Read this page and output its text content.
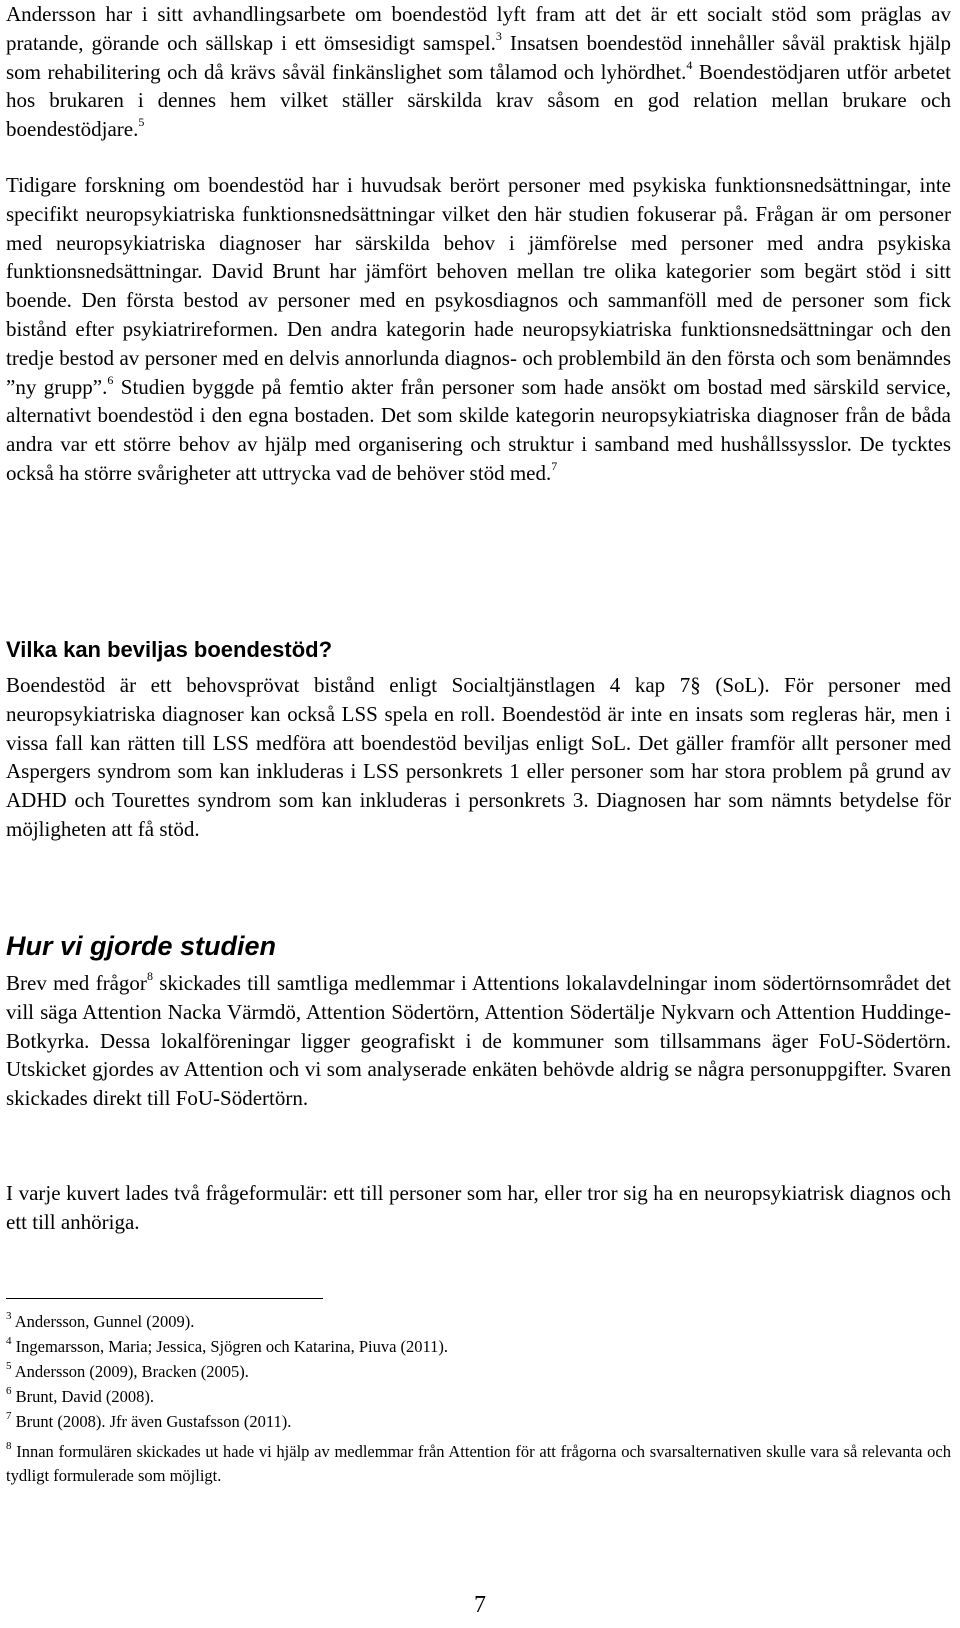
Andersson har i sitt avhandlingsarbete om boendestöd lyft fram att det är ett socialt stöd som präglas av pratande, görande och sällskap i ett ömsesidigt samspel.$^3$ Insatsen boendestöd innehåller såväl praktisk hjälp som rehabilitering och då krävs såväl finkänslighet som tålamod och lyhördhet.$^4$ Boendestödjaren utför arbetet hos brukaren i dennes hem vilket ställer särskilda krav såsom en god relation mellan brukare och boendestödjare.$^5$

Tidigare forskning om boendestöd har i huvudsak berört personer med psykiska funktionsnedsättningar, inte specifikt neuropsykiatriska funktionsnedsättningar vilket den här studien fokuserar på. Frågan är om personer med neuropsykiatriska diagnoser har särskilda behov i jämförelse med personer med andra psykiska funktionsnedsättningar. David Brunt har jämfört behoven mellan tre olika kategorier som begärt stöd i sitt boende. Den första bestod av personer med en psykosdiagnos och sammanföll med de personer som fick bistånd efter psykiatrireformen. Den andra kategorin hade neuropsykiatriska funktionsnedsättningar och den tredje bestod av personer med en delvis annorlunda diagnos- och problembild än den första och som benämndes ”ny grupp”.$^6$ Studien byggde på femtio akter från personer som hade ansökt om bostad med särskild service, alternativt boendestöd i den egna bostaden. Det som skilde kategorin neuropsykiatriska diagnoser från de båda andra var ett större behov av hjälp med organisering och struktur i samband med hushållssysslor. De tycktes också ha större svårigheter att uttrycka vad de behöver stöd med.$^7$

Vilka kan beviljas boendestöd?

Boendestöd är ett behovsprövat bistånd enligt Socialtjänstlagen 4 kap 7§ (SoL). För personer med neuropsykiatriska diagnoser kan också LSS spela en roll. Boendestöd är inte en insats som regleras här, men i vissa fall kan rätten till LSS medföra att boendestöd beviljas enligt SoL. Det gäller framför allt personer med Aspergers syndrom som kan inkluderas i LSS personkrets 1 eller personer som har stora problem på grund av ADHD och Tourettes syndrom som kan inkluderas i personkrets 3. Diagnosen har som nämnts betydelse för möjligheten att få stöd.

Hur vi gjorde studien

Brev med frågor$^8$ skickades till samtliga medlemmar i Attentions lokalavdelningar inom södertörnsområdet det vill säga Attention Nacka Värmdö, Attention Södertörn, Attention Södertälje Nykvarn och Attention Huddinge-Botkyrka. Dessa lokalföreningar ligger geografiskt i de kommuner som tillsammans äger FoU-Södertörn. Utskicket gjordes av Attention och vi som analyserade enkäten behövde aldrig se några personuppgifter. Svaren skickades direkt till FoU-Södertörn.

I varje kuvert lades två frågeformulär: ett till personer som har, eller tror sig ha en neuropsykiatrisk diagnos och ett till anhöriga.

$^3$ Andersson, Gunnel (2009).

$^4$ Ingemarsson, Maria; Jessica, Sjögren och Katarina, Piuva (2011).

$^5$ Andersson (2009), Bracken (2005).

$^6$ Brunt, David (2008).

$^7$ Brunt (2008). Jfr även Gustafsson (2011).

$^8$ Innan formulären skickades ut hade vi hjälp av medlemmar från Attention för att frågorna och svarsalternativen skulle vara så relevanta och tydligt formulerade som möjligt.

7
